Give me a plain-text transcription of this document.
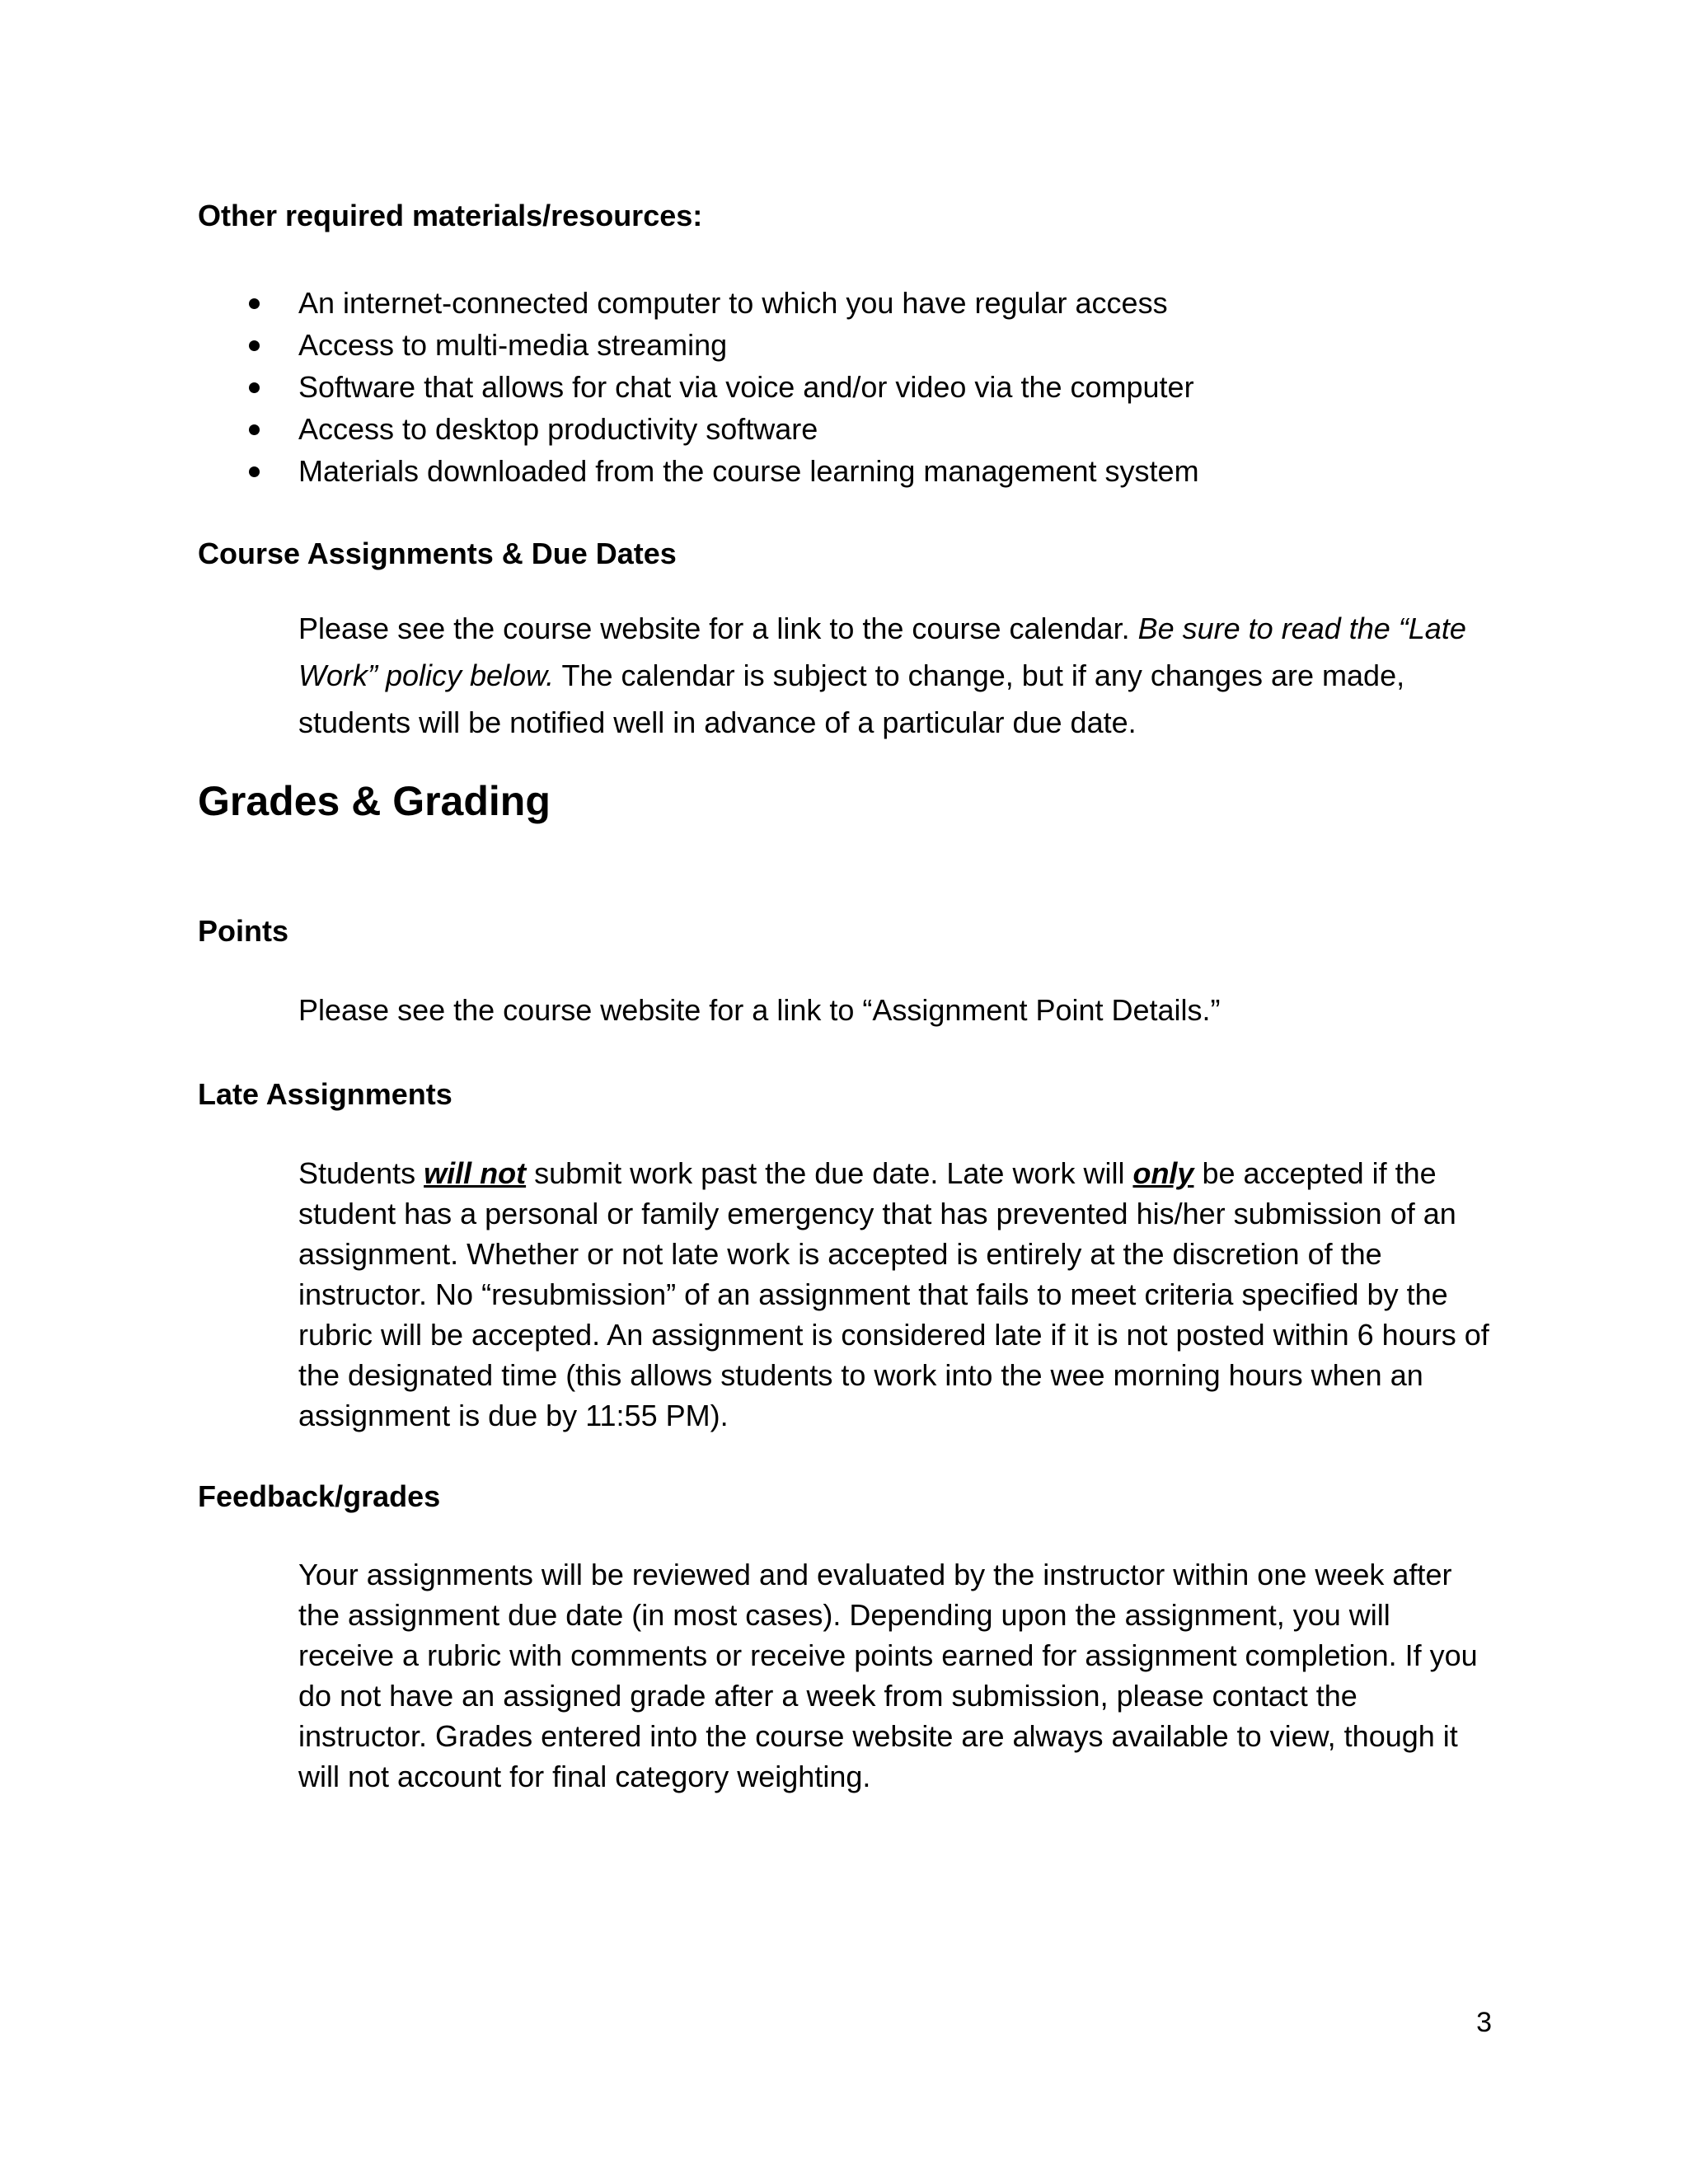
Other required materials/resources:
An internet-connected computer to which you have regular access
Access to multi-media streaming
Software that allows for chat via voice and/or video via the computer
Access to desktop productivity software
Materials downloaded from the course learning management system
Course Assignments & Due Dates

Please see the course website for a link to the course calendar. Be sure to read the “Late Work” policy below. The calendar is subject to change, but if any changes are made, students will be notified well in advance of a particular due date.

Grades & Grading
Points

Please see the course website for a link to “Assignment Point Details.”

Late Assignments

Students will not submit work past the due date. Late work will only be accepted if the student has a personal or family emergency that has prevented his/her submission of an assignment. Whether or not late work is accepted is entirely at the discretion of the instructor. No “resubmission” of an assignment that fails to meet criteria specified by the rubric will be accepted. An assignment is considered late if it is not posted within 6 hours of the designated time (this allows students to work into the wee morning hours when an assignment is due by 11:55 PM).

Feedback/grades

Your assignments will be reviewed and evaluated by the instructor within one week after the assignment due date (in most cases). Depending upon the assignment, you will receive a rubric with comments or receive points earned for assignment completion. If you do not have an assigned grade after a week from submission, please contact the instructor. Grades entered into the course website are always available to view, though it will not account for final category weighting.

3
